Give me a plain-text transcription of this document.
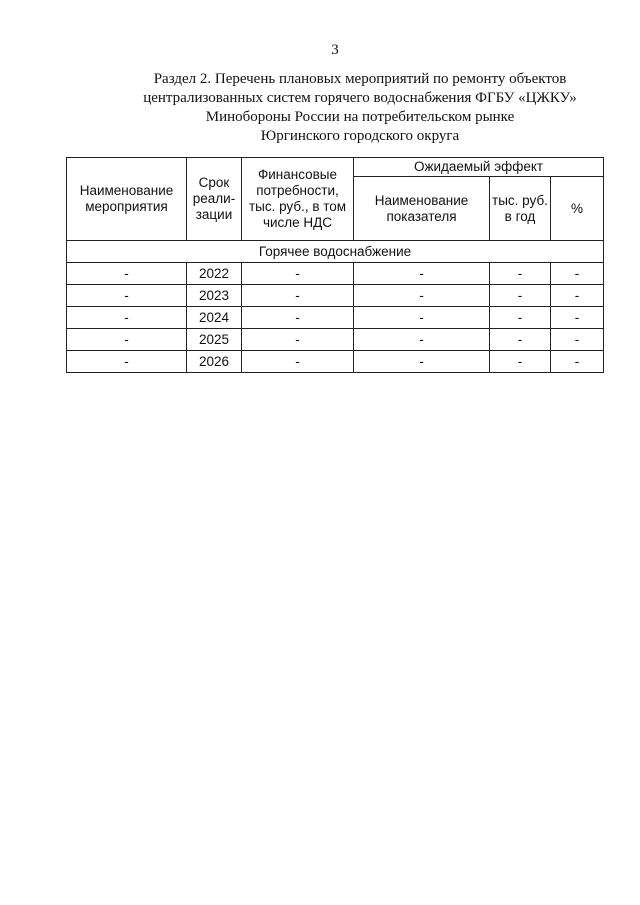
3
Раздел 2. Перечень плановых мероприятий по ремонту объектов
централизованных систем горячего водоснабжения ФГБУ «ЦЖКУ»
Минобороны России на потребительском рынке
Юргинского городского округа
Наименование мероприятия	Срок реали-зации	Финансовые потребности, тыс. руб., в том числе НДС	Ожидаемый эффект		
			Наименование показателя	тыс. руб. в год	%
Горячее водоснабжение					
-	2022	-	-	-	-
-	2023	-	-	-	-
-	2024	-	-	-	-
-	2025	-	-	-	-
-	2026	-	-	-	-
